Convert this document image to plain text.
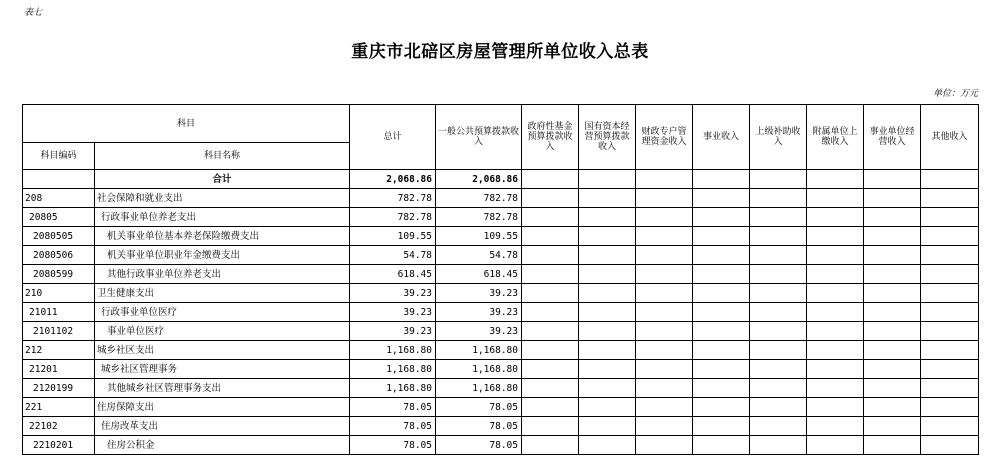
表七
重庆市北碚区房屋管理所单位收入总表
单位：万元
科目		总计	一般公共预算拨款收入	政府性基金预算拨款收入	国有资本经营预算拨款收入	财政专户管理资金收入	事业收入	上级补助收入	附属单位上缴收入	事业单位经营收入	其他收入
科目编码	科目名称										
	合计	2,068.86	2,068.86								
208	社会保障和就业支出	782.78	782.78								
20805	行政事业单位养老支出	782.78	782.78								
2080505	机关事业单位基本养老保险缴费支出	109.55	109.55								
2080506	机关事业单位职业年金缴费支出	54.78	54.78								
2080599	其他行政事业单位养老支出	618.45	618.45								
210	卫生健康支出	39.23	39.23								
21011	行政事业单位医疗	39.23	39.23								
2101102	事业单位医疗	39.23	39.23								
212	城乡社区支出	1,168.80	1,168.80								
21201	城乡社区管理事务	1,168.80	1,168.80								
2120199	其他城乡社区管理事务支出	1,168.80	1,168.80								
221	住房保障支出	78.05	78.05								
22102	住房改革支出	78.05	78.05								
2210201	住房公积金	78.05	78.05								
